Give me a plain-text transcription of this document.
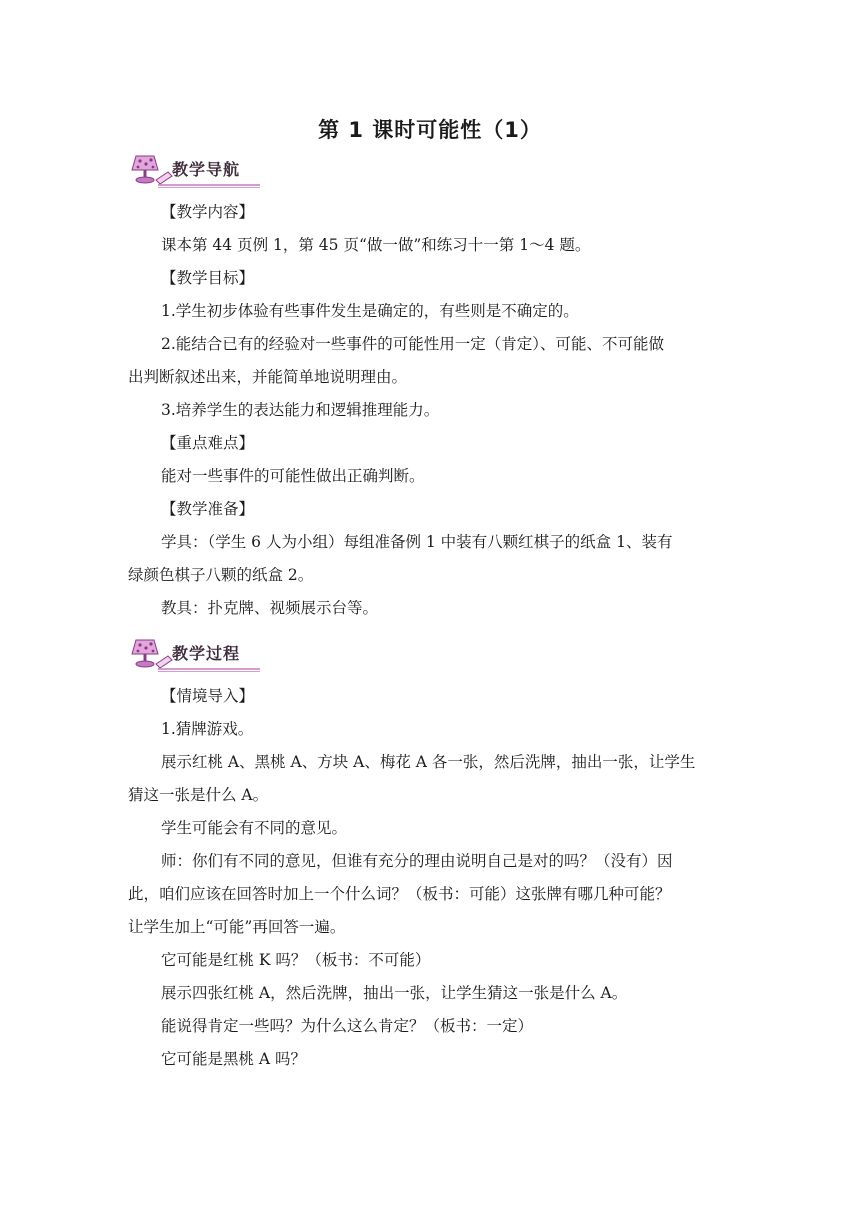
第 1 课时可能性（1）
教学导航
【教学内容】
课本第 44 页例 1，第 45 页“做一做”和练习十一第 1～4 题。
【教学目标】
1.学生初步体验有些事件发生是确定的，有些则是不确定的。
2.能结合已有的经验对一些事件的可能性用一定（肯定）、可能、不可能做
出判断叙述出来，并能简单地说明理由。
3.培养学生的表达能力和逻辑推理能力。
【重点难点】
能对一些事件的可能性做出正确判断。
【教学准备】
学具：（学生 6 人为小组）每组准备例 1 中装有八颗红棋子的纸盒 1、装有
绿颜色棋子八颗的纸盒 2。
教具：扑克牌、视频展示台等。
教学过程
【情境导入】
1.猜牌游戏。
展示红桃 A、黑桃 A、方块 A、梅花 A 各一张，然后洗牌，抽出一张，让学生
猜这一张是什么 A。
学生可能会有不同的意见。
师：你们有不同的意见，但谁有充分的理由说明自己是对的吗？（没有）因
此，咱们应该在回答时加上一个什么词？（板书：可能）这张牌有哪几种可能？
让学生加上“可能”再回答一遍。
它可能是红桃 K 吗？（板书：不可能）
展示四张红桃 A，然后洗牌，抽出一张，让学生猜这一张是什么 A。
能说得肯定一些吗？为什么这么肯定？（板书：一定）
它可能是黑桃 A 吗？
